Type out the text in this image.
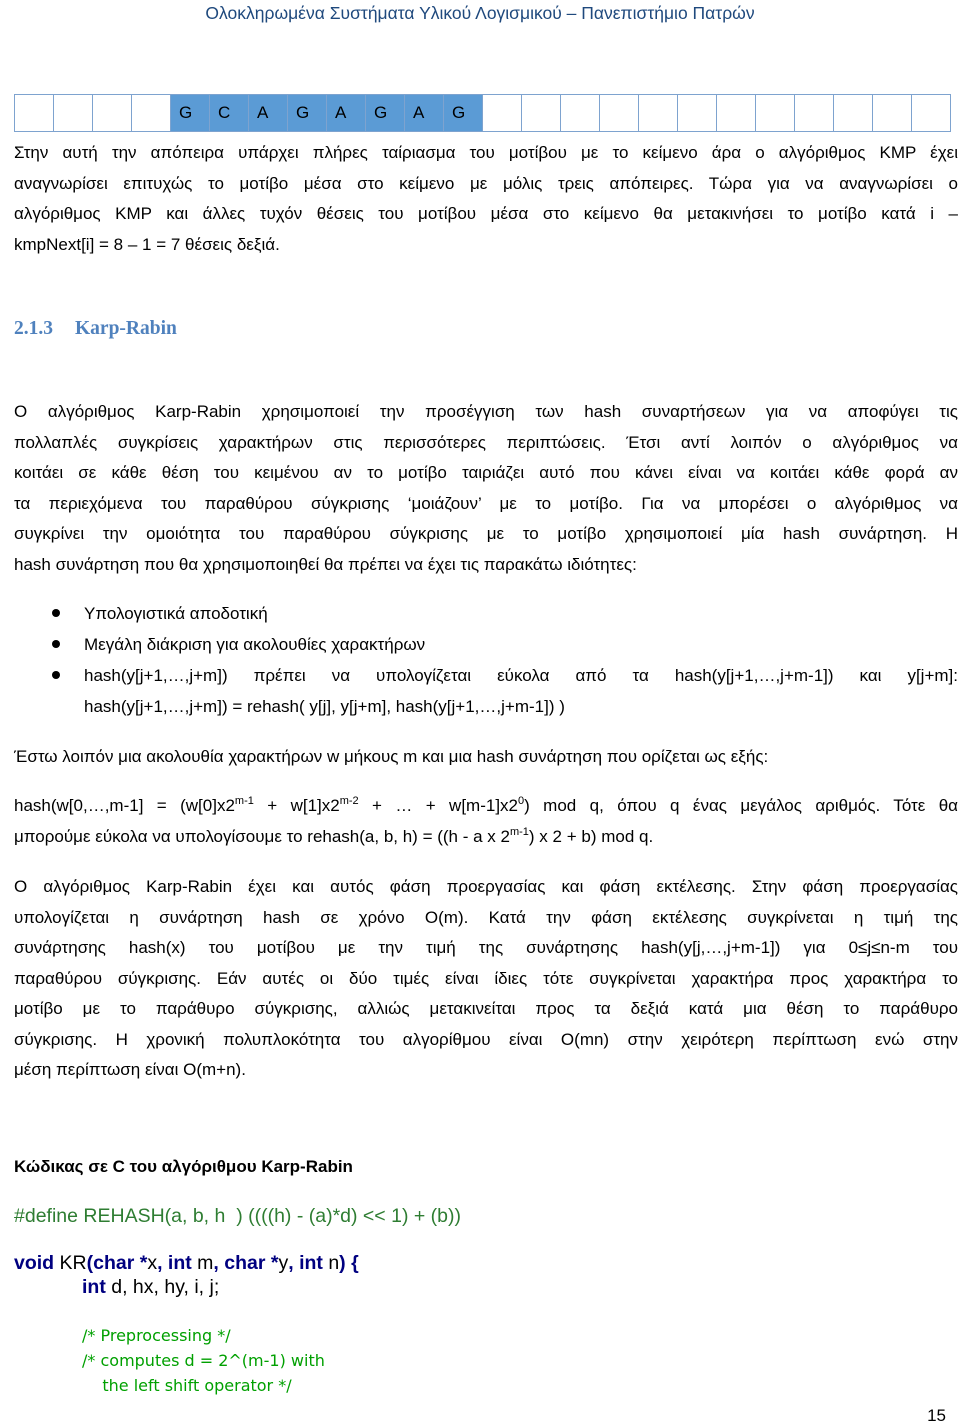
Ολοκληρωμένα Συστήματα Υλικού Λογισμικού – Πανεπιστήμιο Πατρών
				G	C	A	G	A	G	A	G												
Στην αυτή την απόπειρα υπάρχει πλήρες ταίριασμα του μοτίβου με το κείμενο άρα ο αλγόριθμος KMP έχει
αναγνωρίσει επιτυχώς το μοτίβο μέσα στο κείμενο με μόλις τρεις απόπειρες. Τώρα για να αναγνωρίσει ο
αλγόριθμος KMP και άλλες τυχόν θέσεις του μοτίβου μέσα στο κείμενο θα μετακινήσει το μοτίβο κατά i –
kmpNext[i] = 8 – 1 = 7 θέσεις δεξιά.
2.1.3 Karp-Rabin
Ο αλγόριθμος Karp-Rabin χρησιμοποιεί την προσέγγιση των hash συναρτήσεων για να αποφύγει τις
πολλαπλές συγκρίσεις χαρακτήρων στις περισσότερες περιπτώσεις. Έτσι αντί λοιπόν ο αλγόριθμος να
κοιτάει σε κάθε θέση του κειμένου αν το μοτίβο ταιριάζει αυτό που κάνει είναι να κοιτάει κάθε φορά αν
τα περιεχόμενα του παραθύρου σύγκρισης ‘μοιάζουν’ με το μοτίβο. Για να μπορέσει ο αλγόριθμος να
συγκρίνει την ομοιότητα του παραθύρου σύγκρισης με το μοτίβο χρησιμοποιεί μία hash συνάρτηση. Η
hash συνάρτηση που θα χρησιμοποιηθεί θα πρέπει να έχει τις παρακάτω ιδιότητες:
Υπολογιστικά αποδοτική
Μεγάλη διάκριση για ακολουθίες χαρακτήρων
hash(y[j+1,…,j+m]) πρέπει να υπολογίζεται εύκολα από τα hash(y[j+1,…,j+m-1]) και y[j+m]:
hash(y[j+1,…,j+m]) = rehash( y[j], y[j+m], hash(y[j+1,…,j+m-1]) )
Έστω λοιπόν μια ακολουθία χαρακτήρων w μήκους m και μια hash συνάρτηση που ορίζεται ως εξής:
hash(w[0,…,m-1] = ($w[0]x2^{m-1} + w[1]x2^{m-2}$ + … + $w[m-1]x2^0$) mod q, όπου q ένας μεγάλος αριθμός. Τότε θα
μπορούμε εύκολα να υπολογίσουμε το rehash(a, b, h) = ((h - a x 2$^{m-1}$) x 2 + b) mod q.
Ο αλγόριθμος Karp-Rabin έχει και αυτός φάση προεργασίας και φάση εκτέλεσης. Στην φάση προεργασίας
υπολογίζεται η συνάρτηση hash σε χρόνο O(m). Κατά την φάση εκτέλεσης συγκρίνεται η τιμή της
συνάρτησης hash(x) του μοτίβου με την τιμή της συνάρτησης hash(y[j,…,j+m-1]) για 0≤j≤n-m του
παραθύρου σύγκρισης. Εάν αυτές οι δύο τιμές είναι ίδιες τότε συγκρίνεται χαρακτήρα προς χαρακτήρα το
μοτίβο με το παράθυρο σύγκρισης, αλλιώς μετακινείται προς τα δεξιά κατά μια θέση το παράθυρο
σύγκρισης. Η χρονική πολυπλοκότητα του αλγορίθμου είναι O(mn) στην χειρότερη περίπτωση ενώ στην
μέση περίπτωση είναι O(m+n).
Κώδικας σε C του αλγόριθμου Karp-Rabin
#define REHASH(a, b, h  ) ((((h) - (a)*d) << 1) + (b))
void KR(char *x, int m, char *y, int n) {
int d, hx, hy, i, j;
/* Preprocessing */
/* computes d = 2^(m-1) with
the left shift operator */
15
